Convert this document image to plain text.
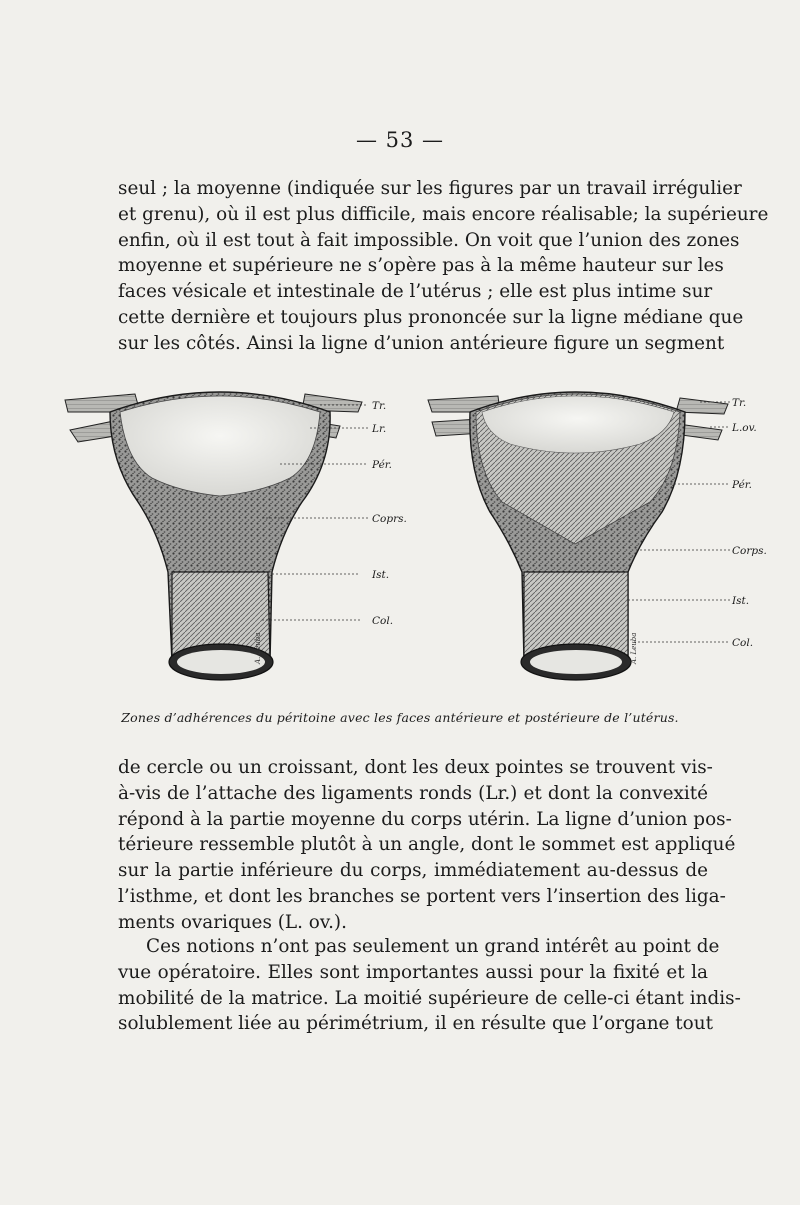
— 53 —
seul ; la moyenne (indiquée sur les figures par un travail irrégulier
et grenu), où il est plus difficile, mais encore réalisable; la supérieure
enfin, où il est tout à fait impossible. On voit que l’union des zones
moyenne et supérieure ne s’opère pas à la même hauteur sur les
faces vésicale et intestinale de l’utérus ; elle est plus intime sur
cette dernière et toujours plus prononcée sur la ligne médiane que
sur les côtés. Ainsi la ligne d’union antérieure figure un segment
Tr.
Lr.
Pér.
Coprs.
Ist.
Col.
A. Leuba
Tr.
L.ov.
Pér.
Corps.
Ist.
Col.
A. Leuba
Zones d’adhérences du péritoine avec les faces antérieure et postérieure de l’utérus.
de cercle ou un croissant, dont les deux pointes se trouvent vis-
à-vis de l’attache des ligaments ronds (Lr.) et dont la convexité
répond à la partie moyenne du corps utérin. La ligne d’union pos-
térieure ressemble plutôt à un angle, dont le sommet est appliqué
sur la partie inférieure du corps, immédiatement au-dessus de
l’isthme, et dont les branches se portent vers l’insertion des liga-
ments ovariques (L. ov.).
Ces notions n’ont pas seulement un grand intérêt au point de
vue opératoire. Elles sont importantes aussi pour la fixité et la
mobilité de la matrice. La moitié supérieure de celle-ci étant indis-
solublement liée au périmétrium, il en résulte que l’organe tout
